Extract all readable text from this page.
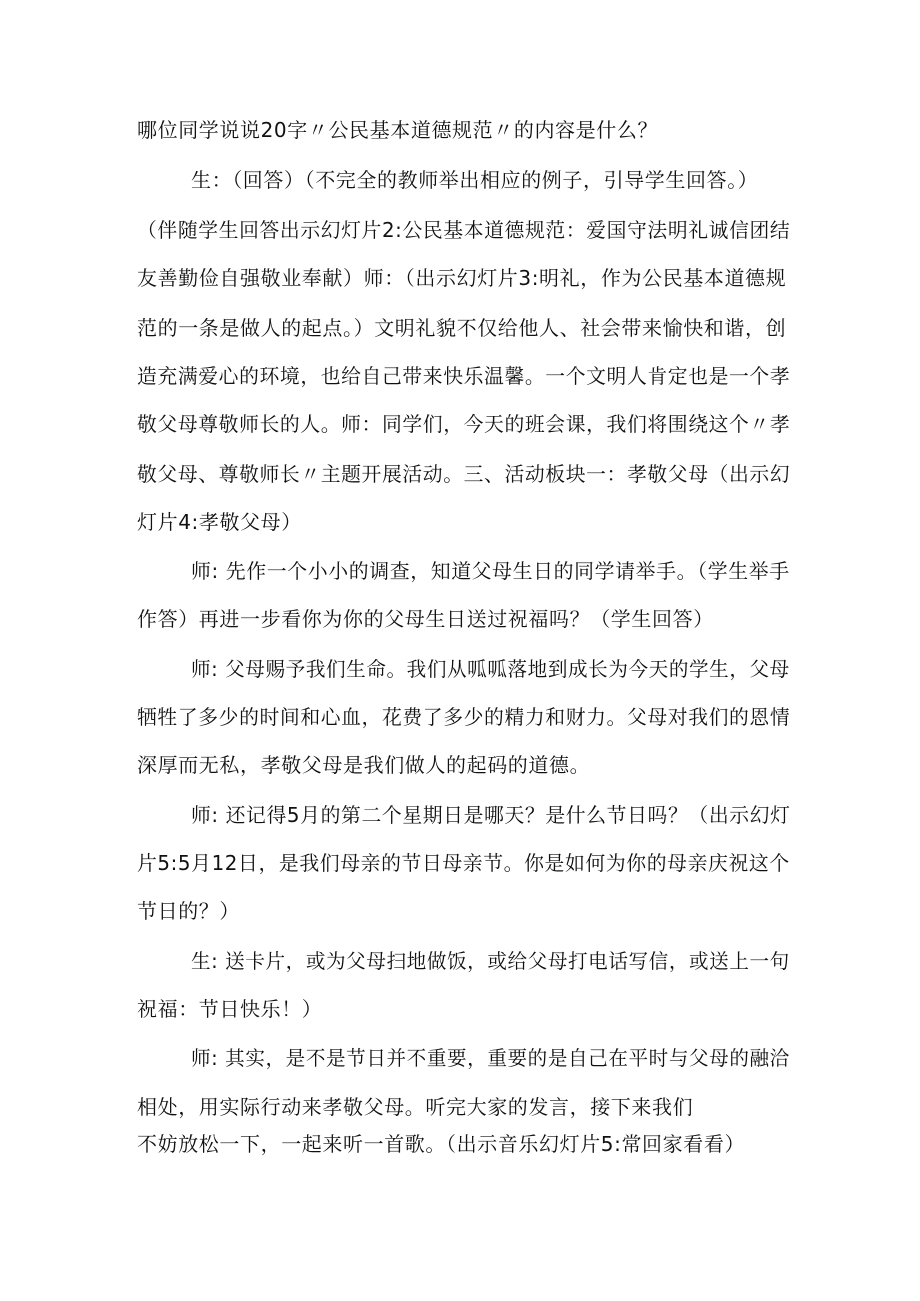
哪位同学说说20字〃公民基本道德规范〃的内容是什么？
生：（回答）（不完全的教师举出相应的例子，引导学生回答。）
（伴随学生回答出示幻灯片2:公民基本道德规范：爱国守法明礼诚信团结
友善勤俭自强敬业奉献）师：（出示幻灯片3:明礼，作为公民基本道德规
范的一条是做人的起点。）文明礼貌不仅给他人、社会带来愉快和谐，创
造充满爱心的环境，也给自己带来快乐温馨。一个文明人肯定也是一个孝
敬父母尊敬师长的人。师：同学们，今天的班会课，我们将围绕这个〃孝
敬父母、尊敬师长〃主题开展活动。三、活动板块一：孝敬父母（出示幻
灯片4:孝敬父母）
师: 先作一个小小的调查，知道父母生日的同学请举手。（学生举手
作答）再进一步看你为你的父母生日送过祝福吗？（学生回答）
师: 父母赐予我们生命。我们从呱呱落地到成长为今天的学生，父母
牺牲了多少的时间和心血，花费了多少的精力和财力。父母对我们的恩情
深厚而无私，孝敬父母是我们做人的起码的道德。
师: 还记得5月的第二个星期日是哪天？是什么节日吗？（出示幻灯
片5:5月12日，是我们母亲的节日母亲节。你是如何为你的母亲庆祝这个
节日的？）
生: 送卡片，或为父母扫地做饭，或给父母打电话写信，或送上一句
祝福：节日快乐！）
师: 其实，是不是节日并不重要，重要的是自己在平时与父母的融洽
相处，用实际行动来孝敬父母。听完大家的发言，接下来我们
不妨放松一下，一起来听一首歌。（出示音乐幻灯片5:常回家看看）
